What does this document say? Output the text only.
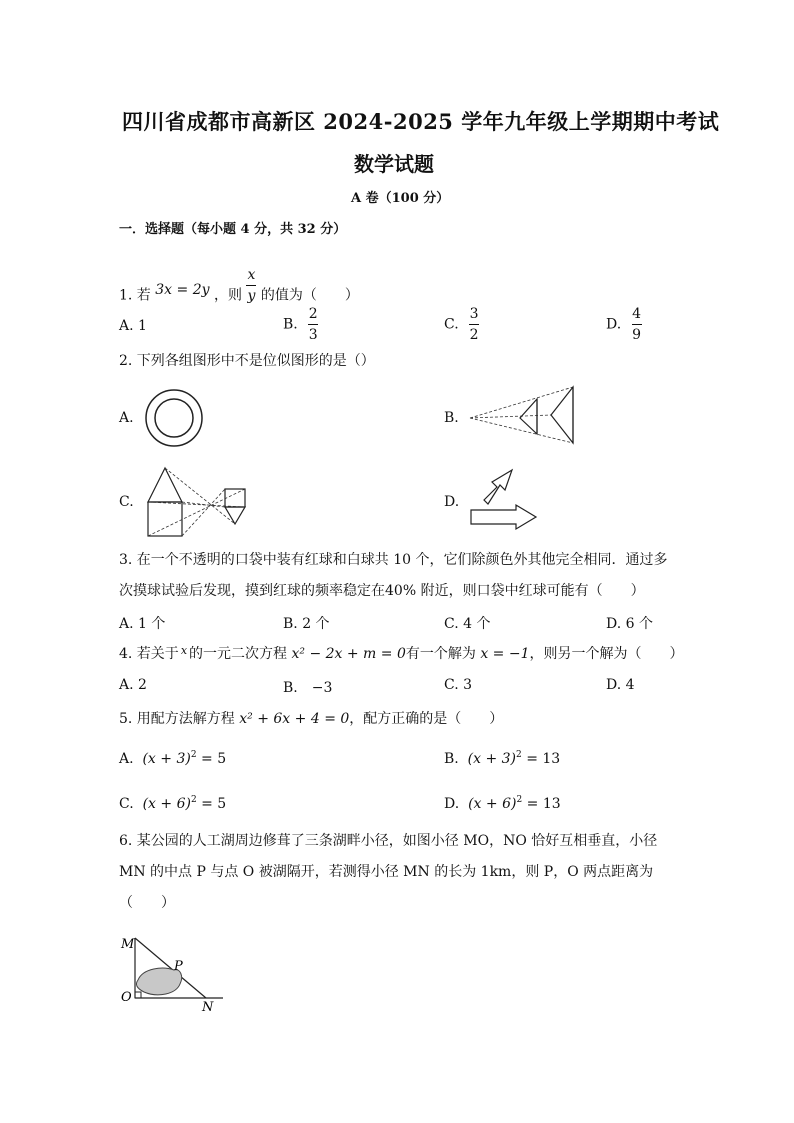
四川省成都市高新区 2024-2025 学年九年级上学期期中考试
数学试题
A 卷（100 分）
一．选择题（每小题 4 分，共 32 分）
1. 若 3x = 2y ，则 $\frac{x}{y}$ 的值为（　　）
A. 1	B. $\frac{2}{3}$	C. $\frac{3}{2}$	D. $\frac{4}{9}$
2. 下列各组图形中不是位似图形的是（）
A.	B.
C.	D.
3. 在一个不透明的口袋中装有红球和白球共 10 个，它们除颜色外其他完全相同．通过多
次摸球试验后发现，摸到红球的频率稳定在40% 附近，则口袋中红球可能有（　　）
A. 1 个	B. 2 个	C. 4 个	D. 6 个
4. 若关于 $^x$ 的一元二次方程 x² − 2x + m = 0有一个解为 x = −1，则另一个解为（　　）
A. 2	B.　−3	C. 3	D. 4
5. 用配方法解方程 x² + 6x + 4 = 0，配方正确的是（　　）
A. $(x + 3)^2 = 5$	B. $(x + 3)^2 = 13$
C. $(x + 6)^2 = 5$	D. $(x + 6)^2 = 13$
6. 某公园的人工湖周边修葺了三条湖畔小径，如图小径 MO，NO 恰好互相垂直，小径
MN 的中点 P 与点 O 被湖隔开，若测得小径 MN 的长为 1km，则 P，O 两点距离为
（　　）
M
P
O
N
